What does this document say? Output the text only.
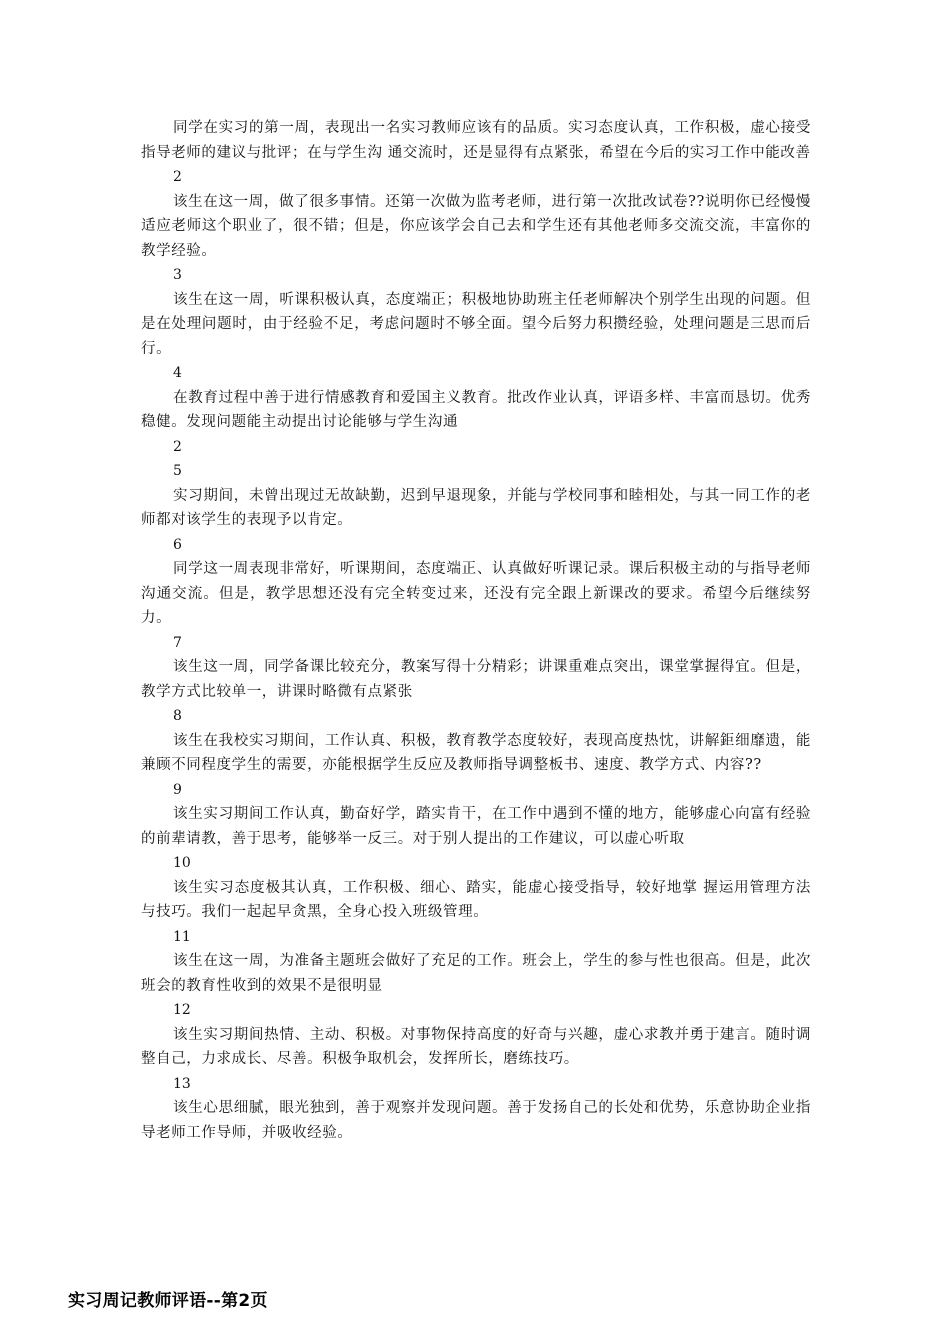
同学在实习的第一周，表现出一名实习教师应该有的品质。实习态度认真，工作积极，虚心接受指导老师的建议与批评；在与学生沟 通交流时，还是显得有点紧张，希望在今后的实习工作中能改善

2

该生在这一周，做了很多事情。还第一次做为监考老师，进行第一次批改试卷??说明你已经慢慢适应老师这个职业了，很不错；但是，你应该学会自己去和学生还有其他老师多交流交流，丰富你的教学经验。

3

该生在这一周，听课积极认真，态度端正；积极地协助班主任老师解决个别学生出现的问题。但是在处理问题时，由于经验不足，考虑问题时不够全面。望今后努力积攒经验，处理问题是三思而后行。

4

在教育过程中善于进行情感教育和爱国主义教育。批改作业认真，评语多样、丰富而恳切。优秀稳健。发现问题能主动提出讨论能够与学生沟通

2
5

实习期间，未曾出现过无故缺勤，迟到早退现象，并能与学校同事和睦相处，与其一同工作的老师都对该学生的表现予以肯定。

6

同学这一周表现非常好，听课期间，态度端正、认真做好听课记录。课后积极主动的与指导老师沟通交流。但是，教学思想还没有完全转变过来，还没有完全跟上新课改的要求。希望今后继续努力。

7

该生这一周，同学备课比较充分，教案写得十分精彩；讲课重难点突出，课堂掌握得宜。但是，教学方式比较单一，讲课时略微有点紧张

8

该生在我校实习期间，工作认真、积极，教育教学态度较好，表现高度热忱，讲解鉅细靡遗，能兼顾不同程度学生的需要，亦能根据学生反应及教师指导调整板书、速度、教学方式、内容??

9

该生实习期间工作认真，勤奋好学，踏实肯干，在工作中遇到不懂的地方，能够虚心向富有经验的前辈请教，善于思考，能够举一反三。对于别人提出的工作建议，可以虚心听取

10

该生实习态度极其认真，工作积极、细心、踏实，能虚心接受指导，较好地掌 握运用管理方法与技巧。我们一起起早贪黑，全身心投入班级管理。

11

该生在这一周，为准备主题班会做好了充足的工作。班会上，学生的参与性也很高。但是，此次班会的教育性收到的效果不是很明显

12

该生实习期间热情、主动、积极。对事物保持高度的好奇与兴趣，虚心求教并勇于建言。随时调整自己，力求成长、尽善。积极争取机会，发挥所长，磨练技巧。

13

该生心思细腻，眼光独到，善于观察并发现问题。善于发扬自己的长处和优势，乐意协助企业指导老师工作导师，并吸收经验。

实习周记教师评语--第2页
